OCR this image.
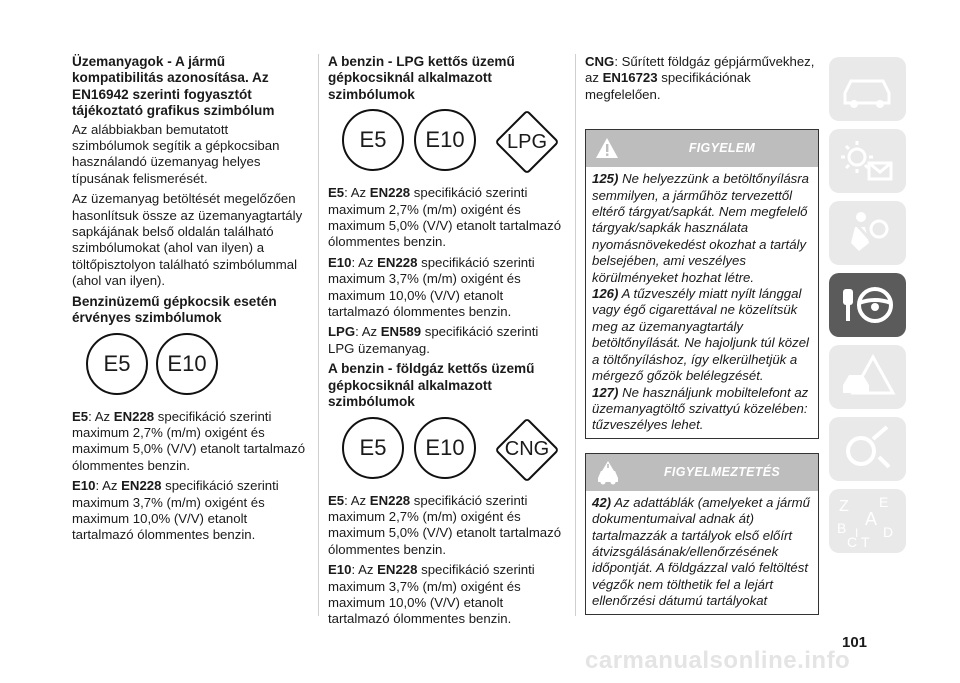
Üzemanyagok - A jármű kompatibilitás azonosítása. Az EN16942 szerinti fogyasztót tájékoztató grafikus szimbólum

Az alábbiakban bemutatott szimbólumok segítik a gépkocsiban használandó üzemanyag helyes típusának felismerését.

Az üzemanyag betöltését megelőzően hasonlítsuk össze az üzemanyagtartály sapkájának belső oldalán található szimbólumokat (ahol van ilyen) a töltőpisztolyon található szimbólummal (ahol van ilyen).

Benzinüzemű gépkocsik esetén érvényes szimbólumok
E5	E10

E5: Az EN228 specifikáció szerinti maximum 2,7% (m/m) oxigént és maximum 5,0% (V/V) etanolt tartalmazó ólommentes benzin.

E10: Az EN228 specifikáció szerinti maximum 3,7% (m/m) oxigént és maximum 10,0% (V/V) etanolt tartalmazó ólommentes benzin.

A benzin - LPG kettős üzemű gépkocsiknál alkalmazott szimbólumok
E5	E10	LPG

E5: Az EN228 specifikáció szerinti maximum 2,7% (m/m) oxigént és maximum 5,0% (V/V) etanolt tartalmazó ólommentes benzin.

E10: Az EN228 specifikáció szerinti maximum 3,7% (m/m) oxigént és maximum 10,0% (V/V) etanolt tartalmazó ólommentes benzin.

LPG: Az EN589 specifikáció szerinti LPG üzemanyag.

A benzin - földgáz kettős üzemű gépkocsiknál alkalmazott szimbólumok
E5	E10	CNG

E5: Az EN228 specifikáció szerinti maximum 2,7% (m/m) oxigént és maximum 5,0% (V/V) etanolt tartalmazó ólommentes benzin.

E10: Az EN228 specifikáció szerinti maximum 3,7% (m/m) oxigént és maximum 10,0% (V/V) etanolt tartalmazó ólommentes benzin.

CNG: Sűrített földgáz gépjárművekhez, az EN16723 specifikációnak megfelelően.

FIGYELEM

125) Ne helyezzünk a betöltőnyílásra semmilyen, a járműhöz tervezettől eltérő tárgyat/sapkát. Nem megfelelő tárgyak/sapkák használata nyomásnövekedést okozhat a tartály belsejében, ami veszélyes körülményeket hozhat létre.

126) A tűzveszély miatt nyílt lánggal vagy égő cigarettával ne közelítsük meg az üzemanyagtartály betöltőnyílását. Ne hajoljunk túl közel a töltőnyíláshoz, így elkerülhetjük a mérgező gőzök belélegzését.

127) Ne használjunk mobiltelefont az üzemanyagtöltő szivattyú közelében: tűzveszélyes lehet.

FIGYELMEZTETÉS

42) Az adattáblák (amelyeket a jármű dokumentumaival adnak át) tartalmazzák a tartályok első előírt átvizsgálásának/ellenőrzésének időpontját. A földgázzal való feltöltést végzők nem tölthetik fel a lejárt ellenőrzési dátumú tartályokat

Z E
A
B
C T
D
I
101
carmanualsonline.info
